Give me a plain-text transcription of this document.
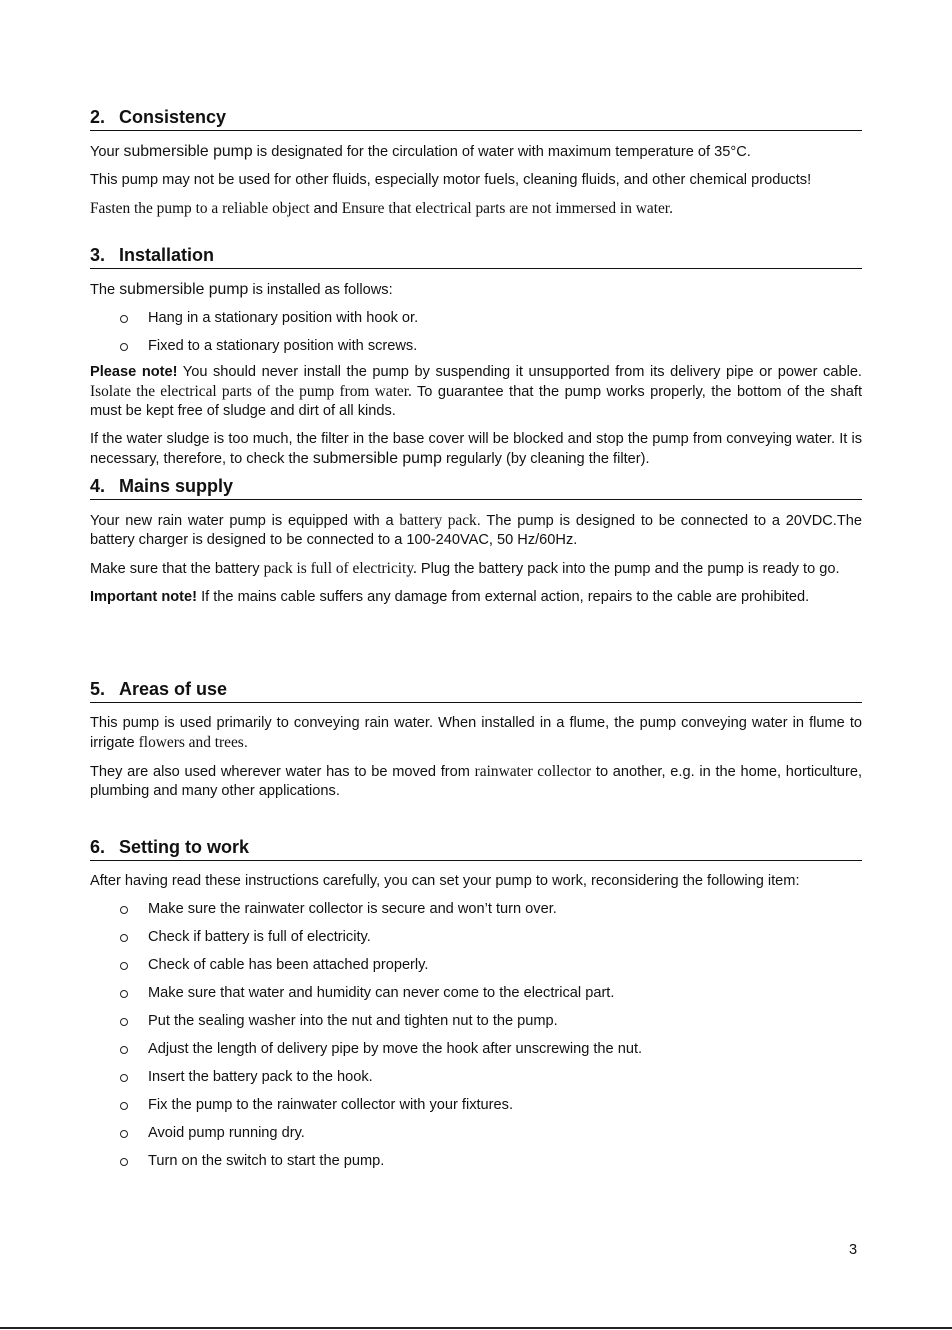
2. Consistency

Your submersible pump is designated for the circulation of water with maximum temperature of 35°C.

This pump may not be used for other fluids, especially motor fuels, cleaning fluids, and other chemical products!

Fasten the pump to a reliable object and Ensure that electrical parts are not immersed in water.

3. Installation

The submersible pump is installed as follows:

Hang in a stationary position with hook or.
Fixed to a stationary position with screws.

Please note! You should never install the pump by suspending it unsupported from its delivery pipe or power cable. Isolate the electrical parts of the pump from water. To guarantee that the pump works properly, the bottom of the shaft must be kept free of sludge and dirt of all kinds.

If the water sludge is too much, the filter in the base cover will be blocked and stop the pump from conveying water. It is necessary, therefore, to check the submersible pump regularly (by cleaning the filter).

4. Mains supply

Your new rain water pump is equipped with a battery pack. The pump is designed to be connected to a 20VDC.The battery charger is designed to be connected to a 100-240VAC, 50 Hz/60Hz.

Make sure that the battery pack is full of electricity. Plug the battery pack into the pump and the pump is ready to go.

Important note! If the mains cable suffers any damage from external action, repairs to the cable are prohibited.

5. Areas of use

This pump is used primarily to conveying rain water. When installed in a flume, the pump conveying water in flume to irrigate flowers and trees.

They are also used wherever water has to be moved from rainwater collector to another, e.g. in the home, horticulture, plumbing and many other applications.

6. Setting to work

After having read these instructions carefully, you can set your pump to work, reconsidering the following item:

Make sure the rainwater collector is secure and won’t turn over.
Check if battery is full of electricity.
Check of cable has been attached properly.
Make sure that water and humidity can never come to the electrical part.
Put the sealing washer into the nut and tighten nut to the pump.
Adjust the length of delivery pipe by move the hook after unscrewing the nut.
Insert the battery pack to the hook.
Fix the pump to the rainwater collector with your fixtures.
Avoid pump running dry.
Turn on the switch to start the pump.
3
